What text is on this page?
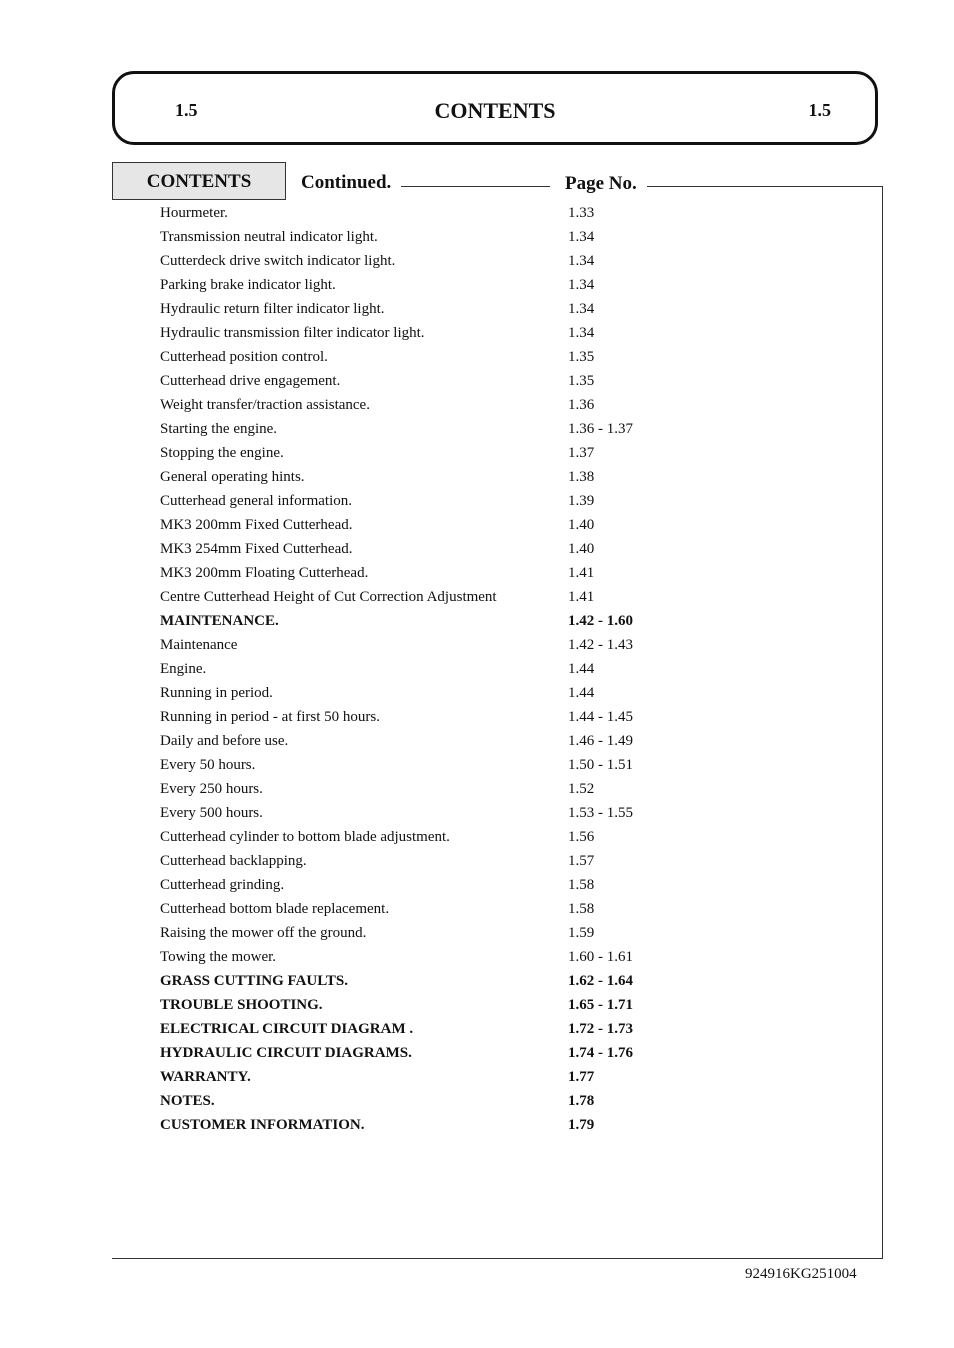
1.5	CONTENTS	1.5
CONTENTS	Continued.	Page No.
Hourmeter.	1.33
Transmission neutral indicator light.	1.34
Cutterdeck drive switch indicator light.	1.34
Parking brake indicator light.	1.34
Hydraulic return filter indicator light.	1.34
Hydraulic transmission filter indicator light.	1.34
Cutterhead position control.	1.35
Cutterhead drive engagement.	1.35
Weight transfer/traction assistance.	1.36
Starting the engine.	1.36 - 1.37
Stopping the engine.	1.37
General operating hints.	1.38
Cutterhead general information.	1.39
MK3 200mm Fixed Cutterhead.	1.40
MK3 254mm Fixed Cutterhead.	1.40
MK3 200mm Floating Cutterhead.	1.41
Centre Cutterhead Height of Cut Correction Adjustment	1.41
MAINTENANCE.	1.42 - 1.60
Maintenance	1.42 - 1.43
Engine.	1.44
Running in period.	1.44
Running in period - at first 50 hours.	1.44 - 1.45
Daily and before use.	1.46 - 1.49
Every 50 hours.	1.50 - 1.51
Every 250 hours.	1.52
Every 500 hours.	1.53 - 1.55
Cutterhead cylinder to bottom blade adjustment.	1.56
Cutterhead backlapping.	1.57
Cutterhead grinding.	1.58
Cutterhead bottom blade replacement.	1.58
Raising the mower off the ground.	1.59
Towing the mower.	1.60 - 1.61
GRASS CUTTING FAULTS.	1.62 - 1.64
TROUBLE SHOOTING.	1.65 - 1.71
ELECTRICAL CIRCUIT DIAGRAM .	1.72 - 1.73
HYDRAULIC CIRCUIT DIAGRAMS.	1.74 - 1.76
WARRANTY.	1.77
NOTES.	1.78
CUSTOMER INFORMATION.	1.79
924916KG251004
